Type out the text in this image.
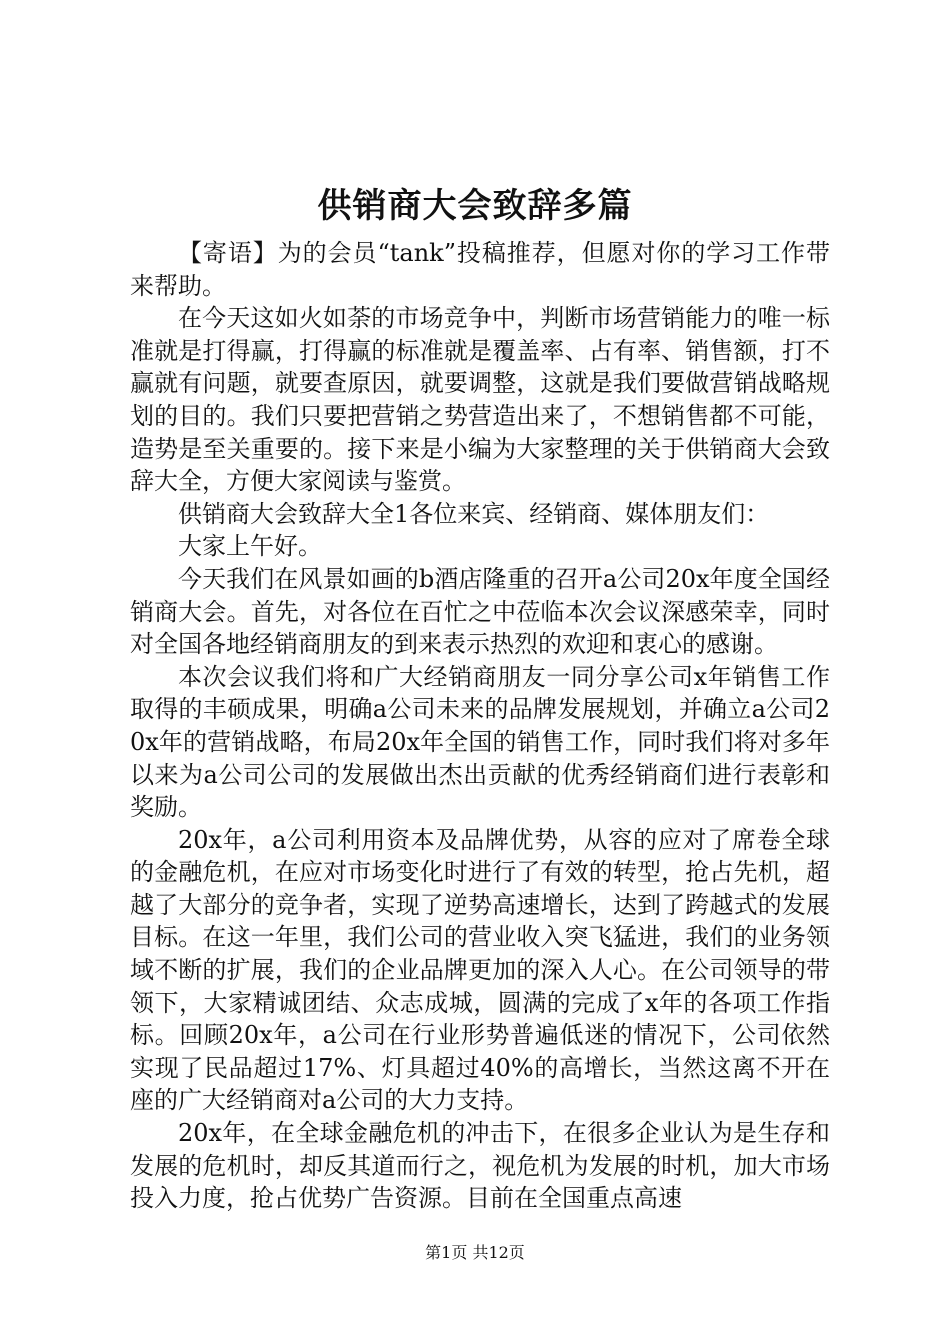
供销商大会致辞多篇

【寄语】为的会员“tank”投稿推荐，但愿对你的学习工作带来帮助。

在今天这如火如荼的市场竞争中，判断市场营销能力的唯一标准就是打得赢，打得赢的标准就是覆盖率、占有率、销售额，打不赢就有问题，就要查原因，就要调整，这就是我们要做营销战略规划的目的。我们只要把营销之势营造出来了，不想销售都不可能，造势是至关重要的。接下来是小编为大家整理的关于供销商大会致辞大全，方便大家阅读与鉴赏。

供销商大会致辞大全1各位来宾、经销商、媒体朋友们：

大家上午好。

今天我们在风景如画的b酒店隆重的召开a公司20x年度全国经销商大会。首先，对各位在百忙之中莅临本次会议深感荣幸，同时对全国各地经销商朋友的到来表示热烈的欢迎和衷心的感谢。

本次会议我们将和广大经销商朋友一同分享公司x年销售工作取得的丰硕成果，明确a公司未来的品牌发展规划，并确立a公司20x年的营销战略，布局20x年全国的销售工作，同时我们将对多年以来为a公司公司的发展做出杰出贡献的优秀经销商们进行表彰和奖励。

20x年，a公司利用资本及品牌优势，从容的应对了席卷全球的金融危机，在应对市场变化时进行了有效的转型，抢占先机，超越了大部分的竞争者，实现了逆势高速增长，达到了跨越式的发展目标。在这一年里，我们公司的营业收入突飞猛进，我们的业务领域不断的扩展，我们的企业品牌更加的深入人心。在公司领导的带领下，大家精诚团结、众志成城，圆满的完成了x年的各项工作指标。回顾20x年，a公司在行业形势普遍低迷的情况下，公司依然实现了民品超过17%、灯具超过40%的高增长，当然这离不开在座的广大经销商对a公司的大力支持。

20x年，在全球金融危机的冲击下，在很多企业认为是生存和发展的危机时，却反其道而行之，视危机为发展的时机，加大市场投入力度，抢占优势广告资源。目前在全国重点高速

第1页 共12页
